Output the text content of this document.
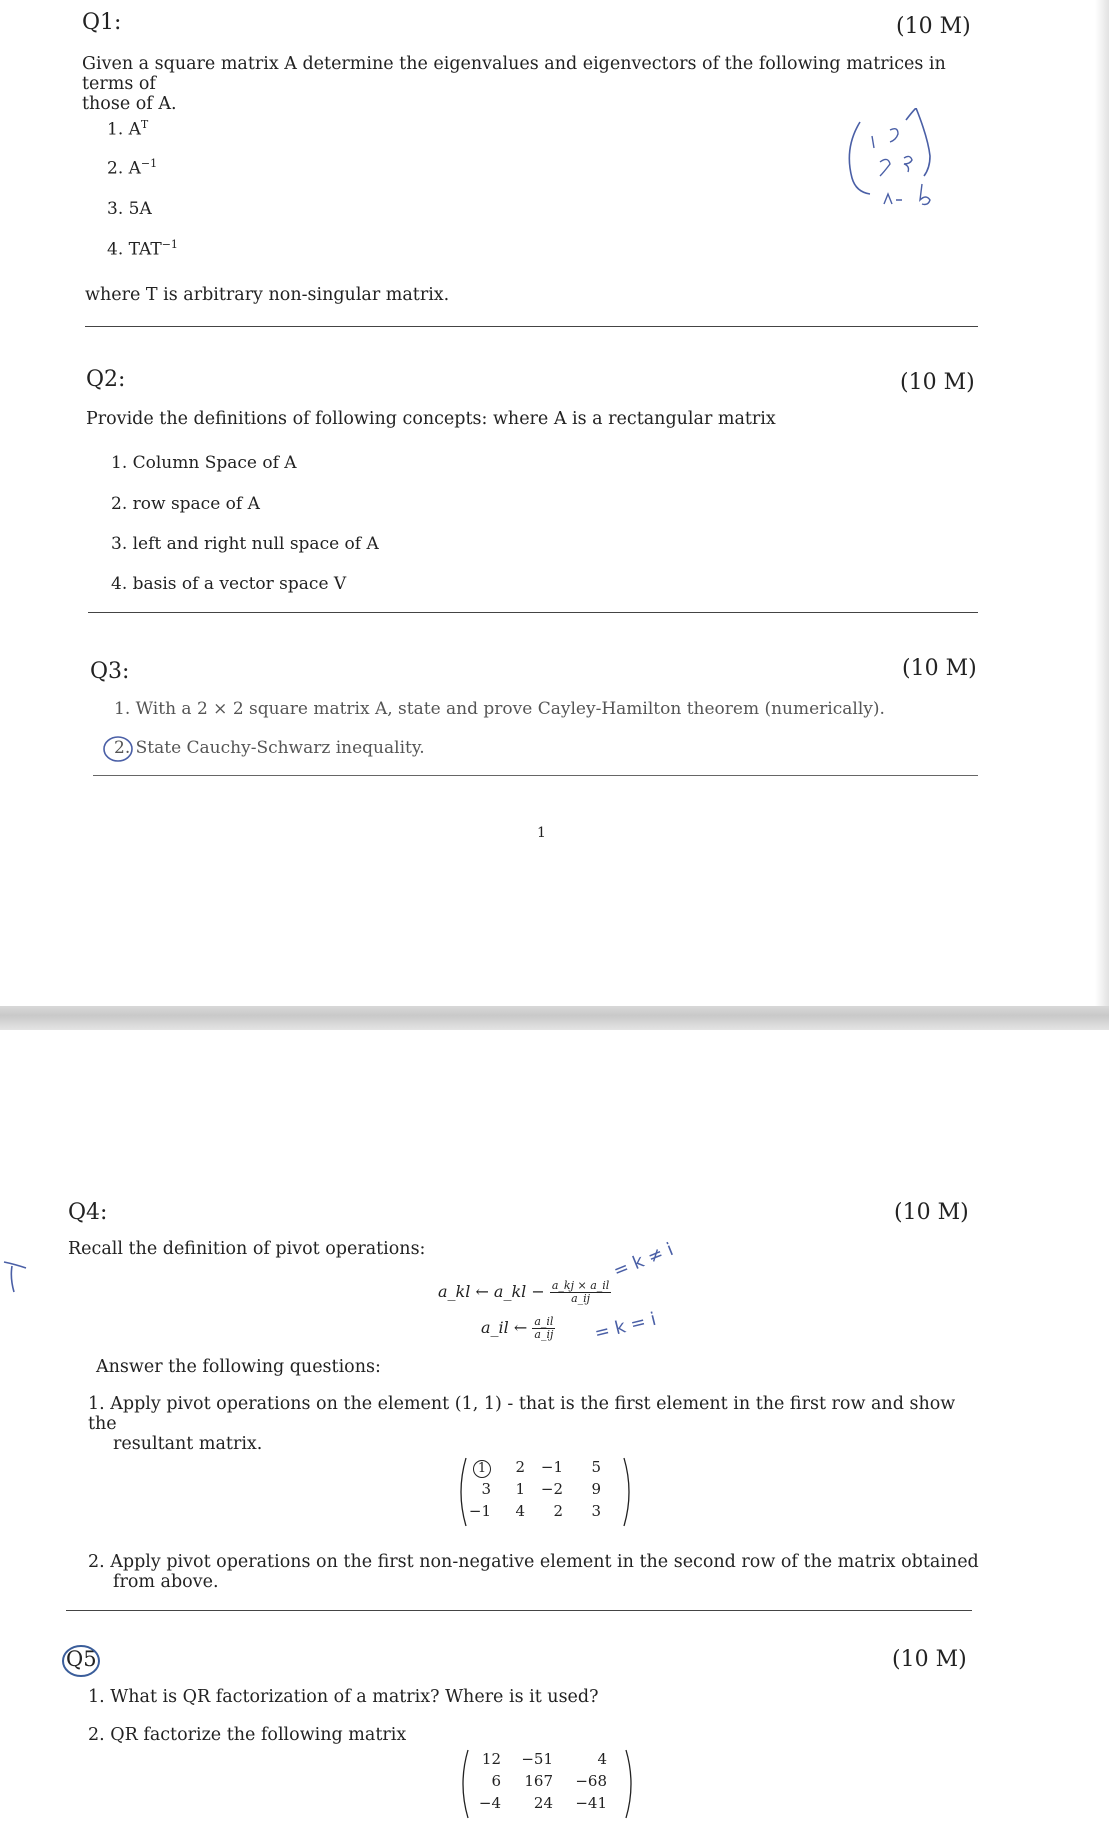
Q1:	(10 M)
Given a square matrix A determine the eigenvalues and eigenvectors of the following matrices in terms of
those of A.
1. $A^T$
2. $A^{-1}$
3. 5A
4. $TAT^{-1}$
where T is arbitrary non-singular matrix.
Q2:	(10 M)
Provide the definitions of following concepts: where A is a rectangular matrix
1. Column Space of A
2. row space of A
3. left and right null space of A
4. basis of a vector space V
Q3:	(10 M)
1. With a 2 × 2 square matrix A, state and prove Cayley-Hamilton theorem (numerically).
2. State Cauchy-Schwarz inequality.
1
Q4:	(10 M)
Recall the definition of pivot operations:
a_kl ← a_kl − $\frac{a\_kj \times a\_il}{a\_ij}$
a_il ← $\frac{a\_il}{a\_ij}$
= k ≠ i
= k = i
Answer the following questions:
1. Apply pivot operations on the element (1, 1) - that is the first element in the first row and show the
resultant matrix.
1	2	−1	5
3	1	−2	9
−1	4	2	3
2. Apply pivot operations on the first non-negative element in the second row of the matrix obtained
from above.
Q5	(10 M)
1. What is QR factorization of a matrix? Where is it used?
2. QR factorize the following matrix
12 −51	4
6	167 −68
−4	24 −41
